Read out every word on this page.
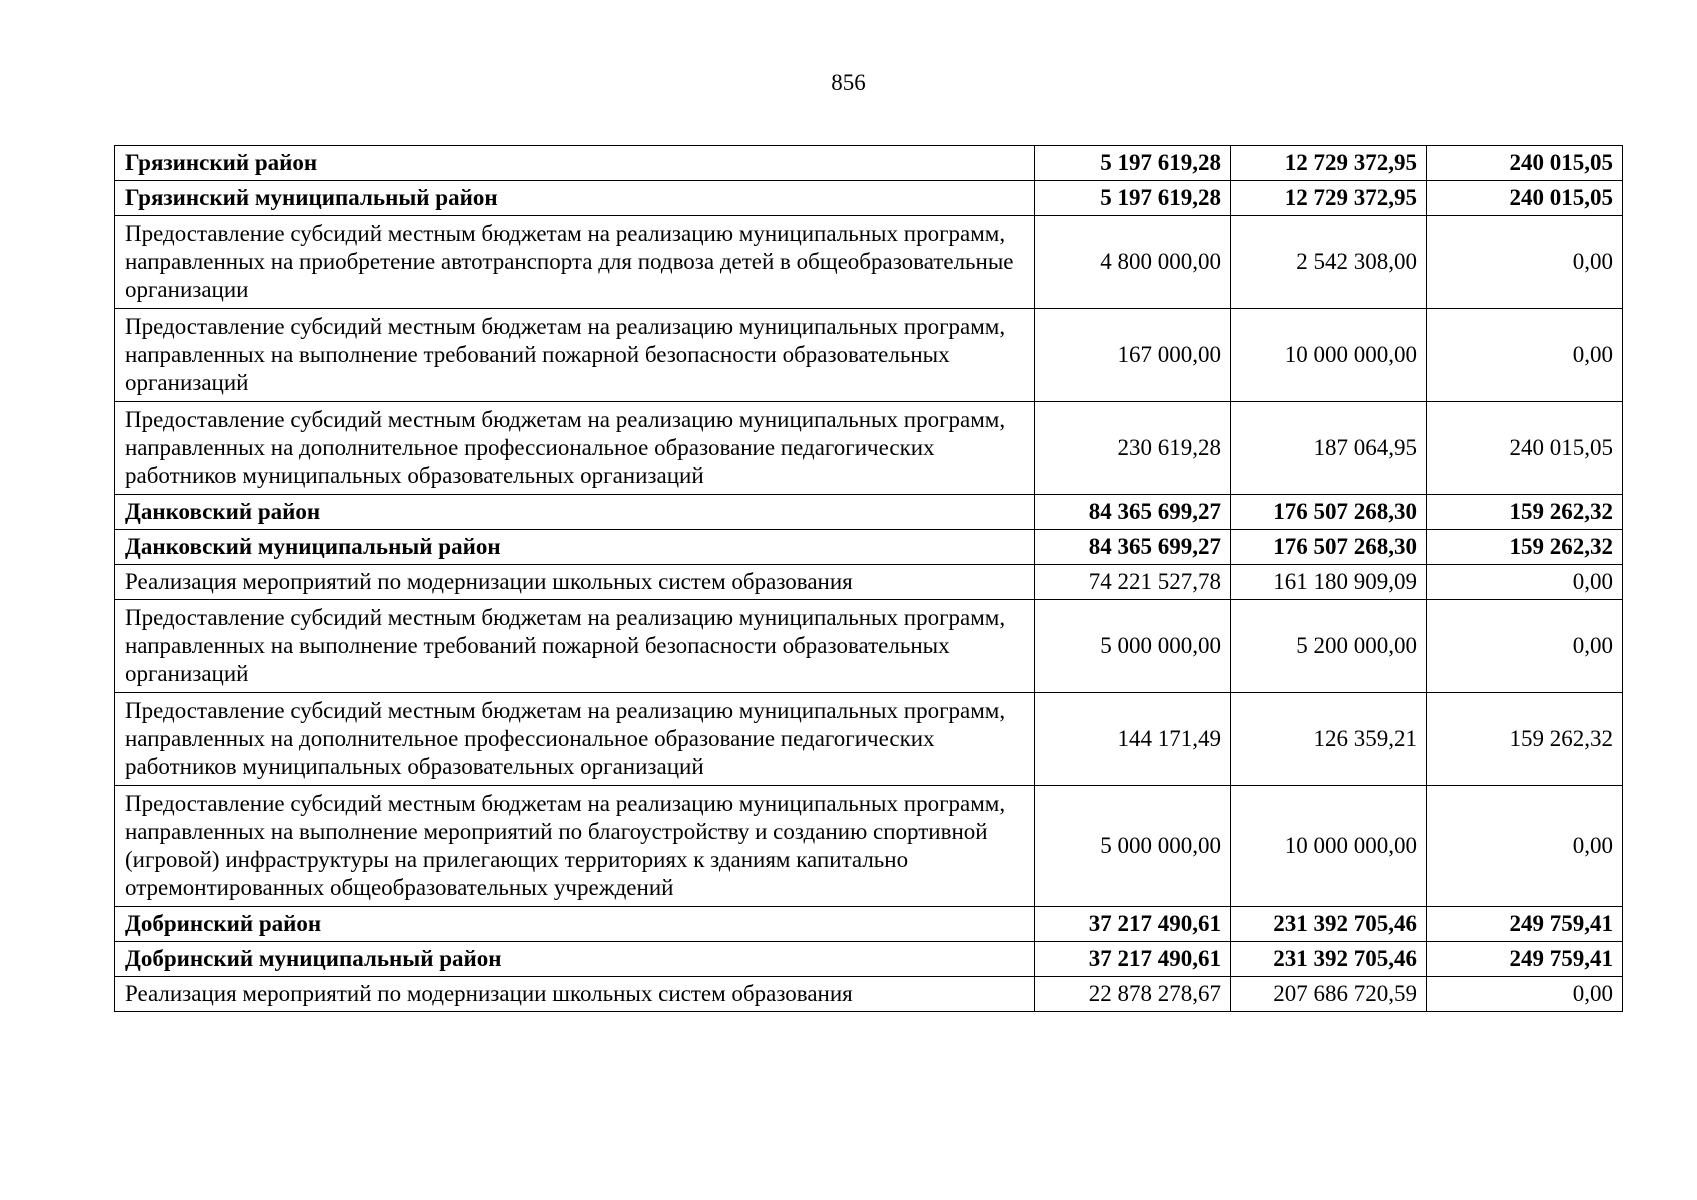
856
Грязинский район	5 197 619,28	12 729 372,95	240 015,05
Грязинский муниципальный район	5 197 619,28	12 729 372,95	240 015,05
Предоставление субсидий местным бюджетам на реализацию муниципальных программ, направленных на приобретение автотранспорта для подвоза детей в общеобразовательные организации	4 800 000,00	2 542 308,00	0,00
Предоставление субсидий местным бюджетам на реализацию муниципальных программ, направленных на выполнение требований пожарной безопасности образовательных организаций	167 000,00	10 000 000,00	0,00
Предоставление субсидий местным бюджетам на реализацию муниципальных программ, направленных на дополнительное профессиональное образование педагогических работников муниципальных образовательных организаций	230 619,28	187 064,95	240 015,05
Данковский район	84 365 699,27	176 507 268,30	159 262,32
Данковский муниципальный район	84 365 699,27	176 507 268,30	159 262,32
Реализация мероприятий по модернизации школьных систем образования	74 221 527,78	161 180 909,09	0,00
Предоставление субсидий местным бюджетам на реализацию муниципальных программ, направленных на выполнение требований пожарной безопасности образовательных организаций	5 000 000,00	5 200 000,00	0,00
Предоставление субсидий местным бюджетам на реализацию муниципальных программ, направленных на дополнительное профессиональное образование педагогических работников муниципальных образовательных организаций	144 171,49	126 359,21	159 262,32
Предоставление субсидий местным бюджетам на реализацию муниципальных программ, направленных на выполнение мероприятий по благоустройству и созданию спортивной (игровой) инфраструктуры на прилегающих территориях к зданиям капитально отремонтированных общеобразовательных учреждений	5 000 000,00	10 000 000,00	0,00
Добринский район	37 217 490,61	231 392 705,46	249 759,41
Добринский муниципальный район	37 217 490,61	231 392 705,46	249 759,41
Реализация мероприятий по модернизации школьных систем образования	22 878 278,67	207 686 720,59	0,00
